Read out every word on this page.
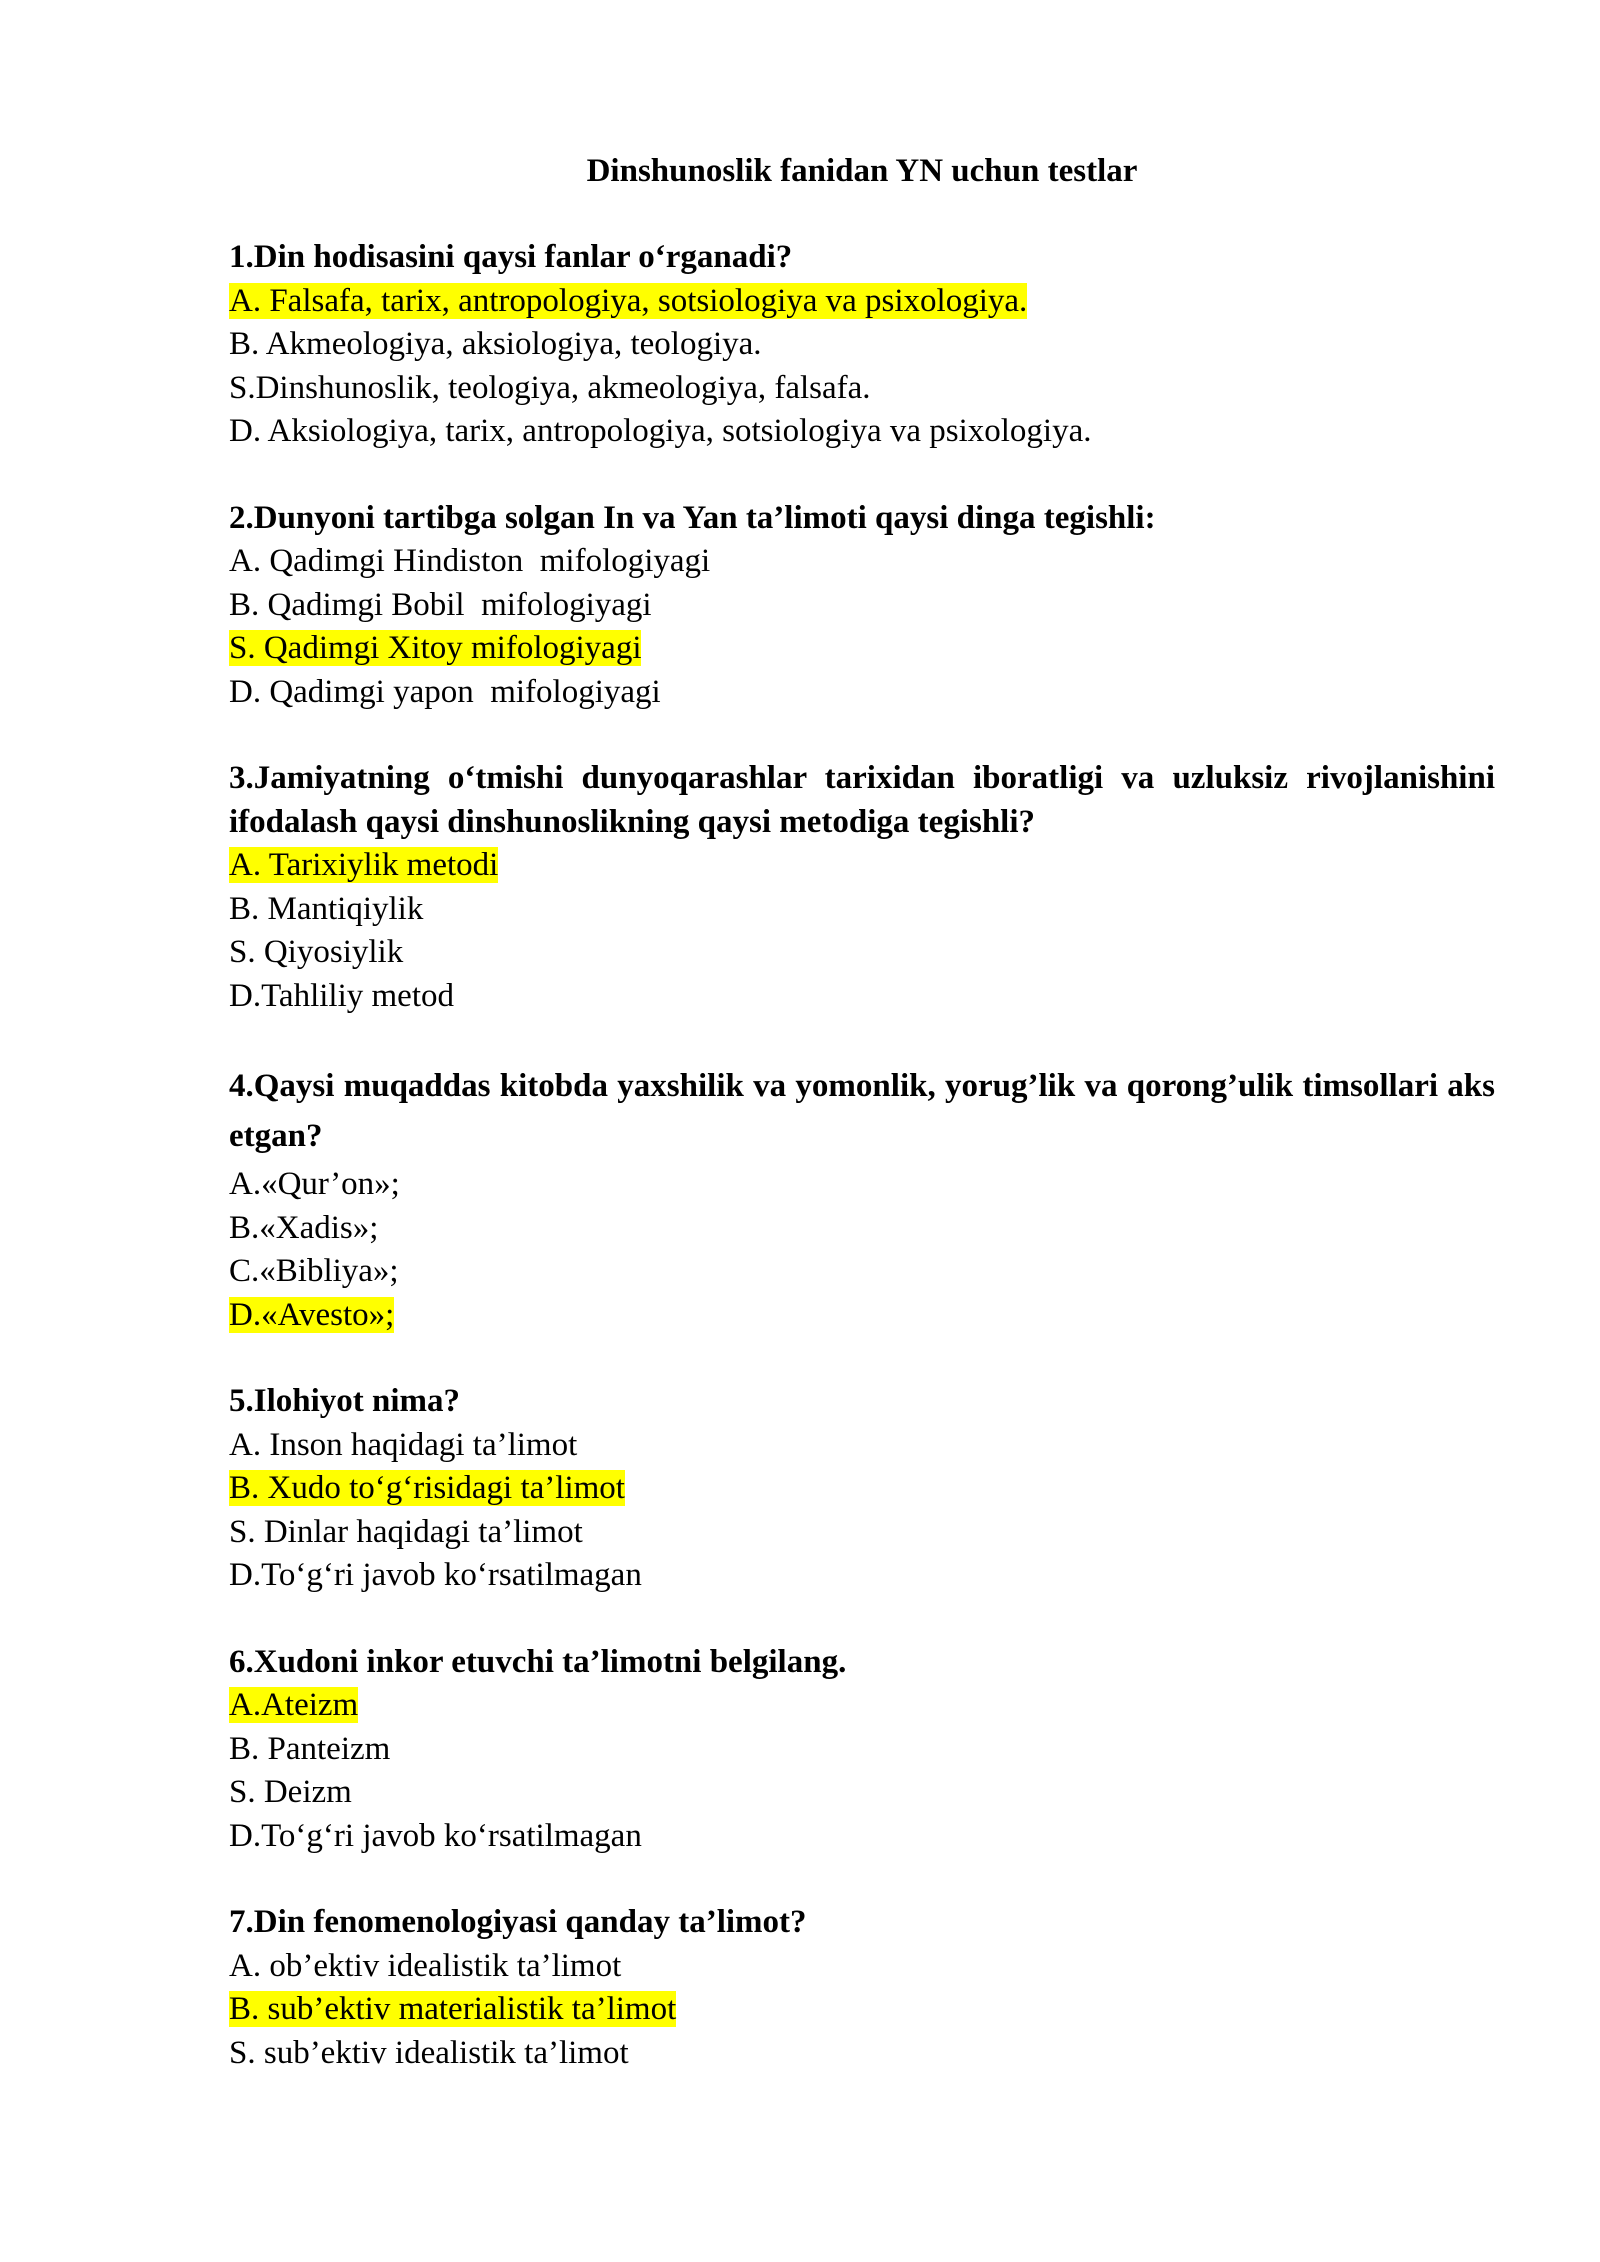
Dinshunoslik fanidan YN uchun testlar

1.Din hodisasini qaysi fanlar o‘rganadi?

A. Falsafa, tarix, antropologiya, sotsiologiya va psixologiya.
B. Akmeologiya, aksiologiya, teologiya.
S.Dinshunoslik, teologiya, akmeologiya, falsafa.
D. Aksiologiya, tarix, antropologiya, sotsiologiya va psixologiya.

2.Dunyoni tartibga solgan In va Yan ta’limoti qaysi dinga tegishli:

A. Qadimgi Hindiston  mifologiyagi
B. Qadimgi Bobil  mifologiyagi
S. Qadimgi Xitoy mifologiyagi
D. Qadimgi yapon  mifologiyagi

3.Jamiyatning o‘tmishi dunyoqarashlar tarixidan iboratligi va uzluksiz rivojlanishini ifodalash qaysi dinshunoslikning qaysi metodiga tegishli?

A. Tarixiylik metodi
B. Mantiqiylik
S. Qiyosiylik
D.Tahliliy metod

4.Qaysi muqaddas kitobda yaxshilik va yomonlik, yorug’lik va qorong’ulik timsollari aks etgan?

A.«Qur’on»;
B.«Xadis»;
C.«Bibliya»;
D.«Avesto»;

5.Ilohiyot nima?

A. Inson haqidagi ta’limot
B. Xudo to‘g‘risidagi ta’limot
S. Dinlar haqidagi ta’limot
D.To‘g‘ri javob ko‘rsatilmagan

6.Xudoni inkor etuvchi ta’limotni belgilang.

A.Ateizm
B. Panteizm
S. Deizm
D.To‘g‘ri javob ko‘rsatilmagan

7.Din fenomenologiyasi qanday ta’limot?

A. ob’ektiv idealistik ta’limot
B. sub’ektiv materialistik ta’limot
S. sub’ektiv idealistik ta’limot
